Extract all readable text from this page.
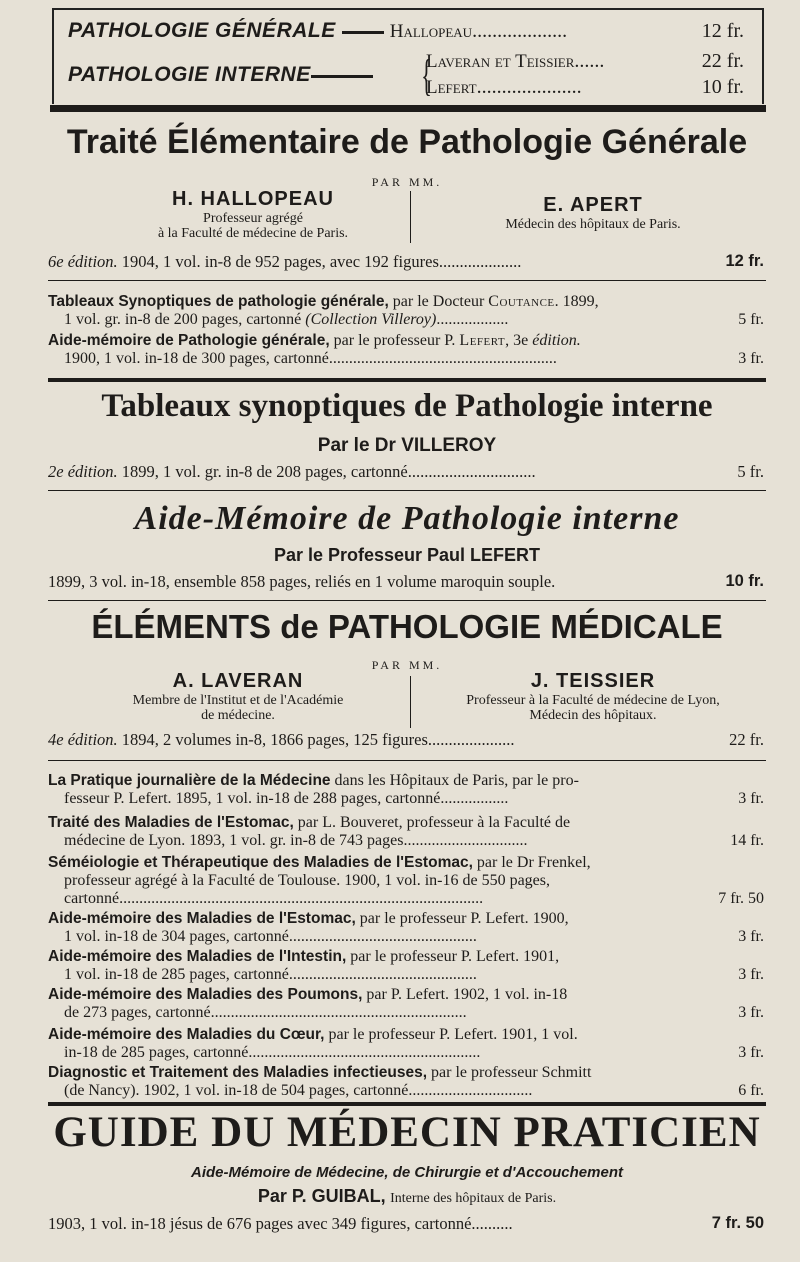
PATHOLOGIE GÉNÉRALE	Hallopeau...................	12 fr.
PATHOLOGIE INTERNE	{
Laveran et Teissier......	22 fr.
Lefert.....................	10 fr.
Traité Élémentaire de Pathologie Générale
PAR MM.
H. HALLOPEAU
Professeur agrégé
à la Faculté de médecine de Paris.
E. APERT
Médecin des hôpitaux de Paris.
6e édition. 1904, 1 vol. in-8 de 952 pages, avec 192 figures....................	12 fr.
Tableaux Synoptiques de pathologie générale, par le Docteur Coutance. 1899,
1 vol. gr. in-8 de 200 pages, cartonné (Collection Villeroy)..................	5 fr.
Aide-mémoire de Pathologie générale, par le professeur P. Lefert, 3e édition.
1900, 1 vol. in-18 de 300 pages, cartonné.........................................................	3 fr.
Tableaux synoptiques de Pathologie interne
Par le Dr VILLEROY
2e édition. 1899, 1 vol. gr. in-8 de 208 pages, cartonné...............................	5 fr.
Aide-Mémoire de Pathologie interne
Par le Professeur Paul LEFERT
1899, 3 vol. in-18, ensemble 858 pages, reliés en 1 volume maroquin souple.	10 fr.
ÉLÉMENTS de PATHOLOGIE MÉDICALE
PAR MM.
A. LAVERAN
Membre de l'Institut et de l'Académie
de médecine.
J. TEISSIER
Professeur à la Faculté de médecine de Lyon,
Médecin des hôpitaux.
4e édition. 1894, 2 volumes in-8, 1866 pages, 125 figures.....................	22 fr.
La Pratique journalière de la Médecine dans les Hôpitaux de Paris, par le pro-
fesseur P. Lefert. 1895, 1 vol. in-18 de 288 pages, cartonné.................	3 fr.
Traité des Maladies de l'Estomac, par L. Bouveret, professeur à la Faculté de
médecine de Lyon. 1893, 1 vol. gr. in-8 de 743 pages...............................	14 fr.
Séméiologie et Thérapeutique des Maladies de l'Estomac, par le Dr Frenkel,
professeur agrégé à la Faculté de Toulouse. 1900, 1 vol. in-16 de 550 pages,
cartonné...........................................................................................	7 fr. 50
Aide-mémoire des Maladies de l'Estomac, par le professeur P. Lefert. 1900,
1 vol. in-18 de 304 pages, cartonné...............................................	3 fr.
Aide-mémoire des Maladies de l'Intestin, par le professeur P. Lefert. 1901,
1 vol. in-18 de 285 pages, cartonné...............................................	3 fr.
Aide-mémoire des Maladies des Poumons, par P. Lefert. 1902, 1 vol. in-18
de 273 pages, cartonné................................................................	3 fr.
Aide-mémoire des Maladies du Cœur, par le professeur P. Lefert. 1901, 1 vol.
in-18 de 285 pages, cartonné..........................................................	3 fr.
Diagnostic et Traitement des Maladies infectieuses, par le professeur Schmitt
(de Nancy). 1902, 1 vol. in-18 de 504 pages, cartonné...............................	6 fr.
GUIDE DU MÉDECIN PRATICIEN
Aide-Mémoire de Médecine, de Chirurgie et d'Accouchement
Par P. GUIBAL, Interne des hôpitaux de Paris.
1903, 1 vol. in-18 jésus de 676 pages avec 349 figures, cartonné..........	7 fr. 50
